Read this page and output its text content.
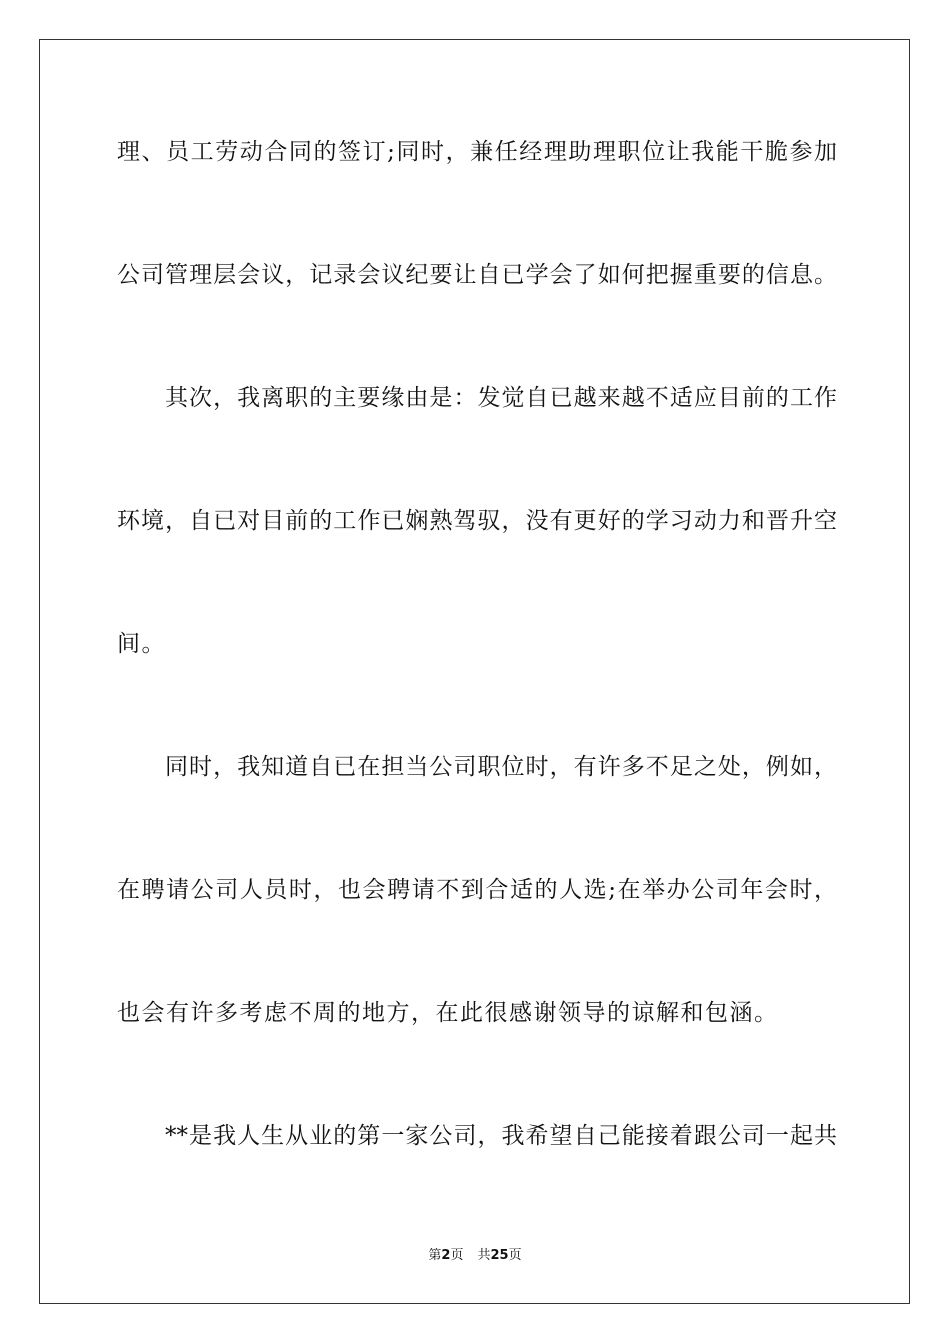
理、员工劳动合同的签订;同时，兼任经理助理职位让我能干脆参加
公司管理层会议，记录会议纪要让自已学会了如何把握重要的信息。
其次，我离职的主要缘由是：发觉自已越来越不适应目前的工作
环境，自已对目前的工作已娴熟驾驭，没有更好的学习动力和晋升空
间。
同时，我知道自已在担当公司职位时，有许多不足之处，例如，
在聘请公司人员时，也会聘请不到合适的人选;在举办公司年会时，
也会有许多考虑不周的地方，在此很感谢领导的谅解和包涵。
**是我人生从业的第一家公司，我希望自己能接着跟公司一起共
第2页 共25页
